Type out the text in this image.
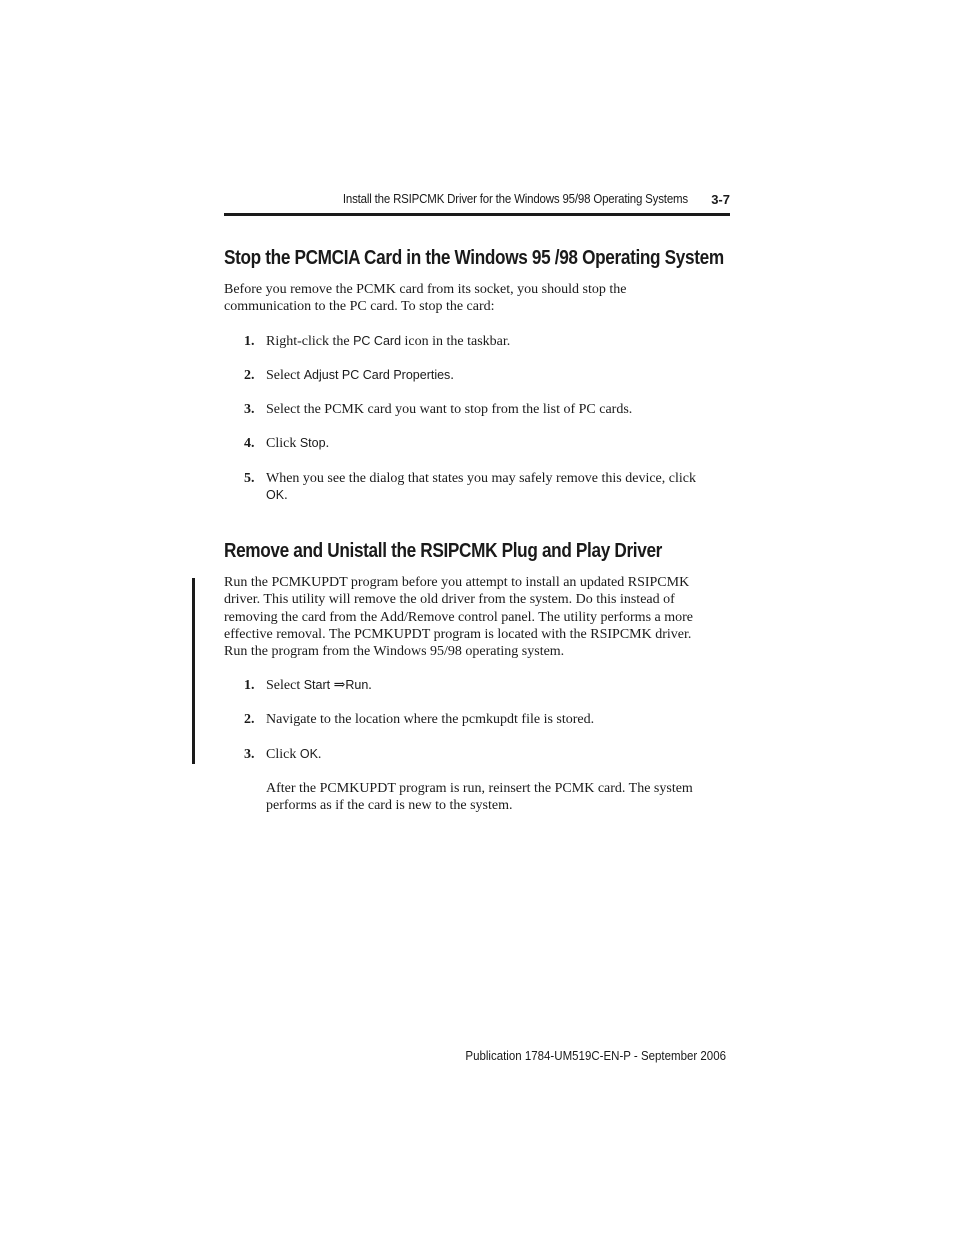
Install the RSIPCMK Driver for the Windows 95/98 Operating Systems	3-7
Stop the PCMCIA Card in the Windows 95 /98 Operating System
Before you remove the PCMK card from its socket, you should stop the
communication to the PC card. To stop the card:
1. Right-click the PC Card icon in the taskbar.
2. Select Adjust PC Card Properties.
3. Select the PCMK card you want to stop from the list of PC cards.
4. Click Stop.
5. When you see the dialog that states you may safely remove this device, click
OK.
Remove and Unistall the RSIPCMK Plug and Play Driver
Run the PCMKUPDT program before you attempt to install an updated RSIPCMK
driver. This utility will remove the old driver from the system. Do this instead of
removing the card from the Add/Remove control panel. The utility performs a more
effective removal. The PCMKUPDT program is located with the RSIPCMK driver.
Run the program from the Windows 95/98 operating system.
1. Select Start ⇒Run.
2. Navigate to the location where the pcmkupdt file is stored.
3. Click OK.
After the PCMKUPDT program is run, reinsert the PCMK card. The system
performs as if the card is new to the system.
Publication 1784-UM519C-EN-P - September 2006
